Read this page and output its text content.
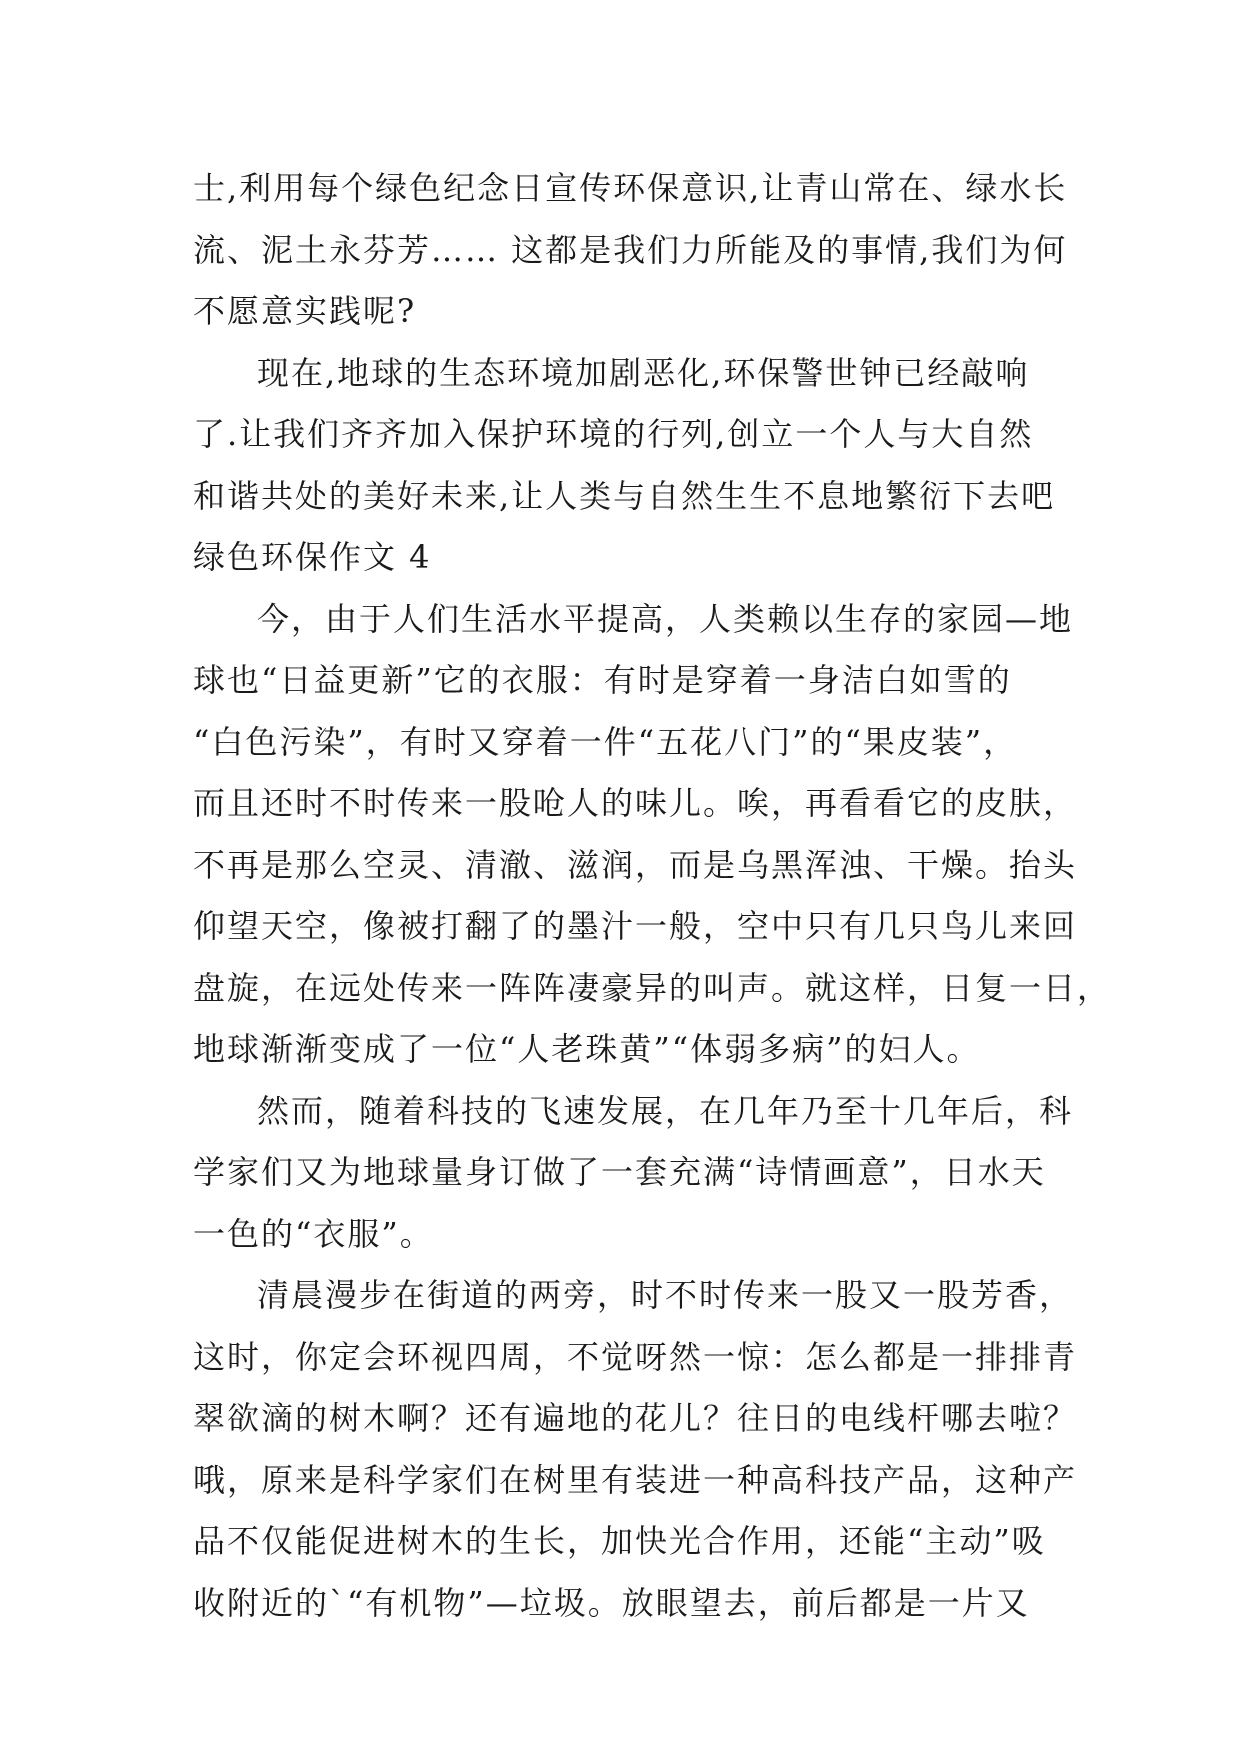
士,利用每个绿色纪念日宣传环保意识,让青山常在、绿水长
流、泥土永芬芳…… 这都是我们力所能及的事情,我们为何
不愿意实践呢?
现在,地球的生态环境加剧恶化,环保警世钟已经敲响
了.让我们齐齐加入保护环境的行列,创立一个人与大自然
和谐共处的美好未来,让人类与自然生生不息地繁衍下去吧
绿色环保作文 4
今，由于人们生活水平提高，人类赖以生存的家园—地
球也“日益更新”它的衣服：有时是穿着一身洁白如雪的
“白色污染”，有时又穿着一件“五花八门”的“果皮装”，
而且还时不时传来一股呛人的味儿。唉，再看看它的皮肤，
不再是那么空灵、清澈、滋润，而是乌黑浑浊、干燥。抬头
仰望天空，像被打翻了的墨汁一般，空中只有几只鸟儿来回
盘旋，在远处传来一阵阵凄豪异的叫声。就这样，日复一日，
地球渐渐变成了一位“人老珠黄”“体弱多病”的妇人。
然而，随着科技的飞速发展，在几年乃至十几年后，科
学家们又为地球量身订做了一套充满“诗情画意”，日水天
一色的“衣服”。
清晨漫步在街道的两旁，时不时传来一股又一股芳香，
这时，你定会环视四周，不觉呀然一惊：怎么都是一排排青
翠欲滴的树木啊？还有遍地的花儿？往日的电线杆哪去啦？
哦，原来是科学家们在树里有装进一种高科技产品，这种产
品不仅能促进树木的生长，加快光合作用，还能“主动”吸
收附近的`“有机物”—垃圾。放眼望去，前后都是一片又
